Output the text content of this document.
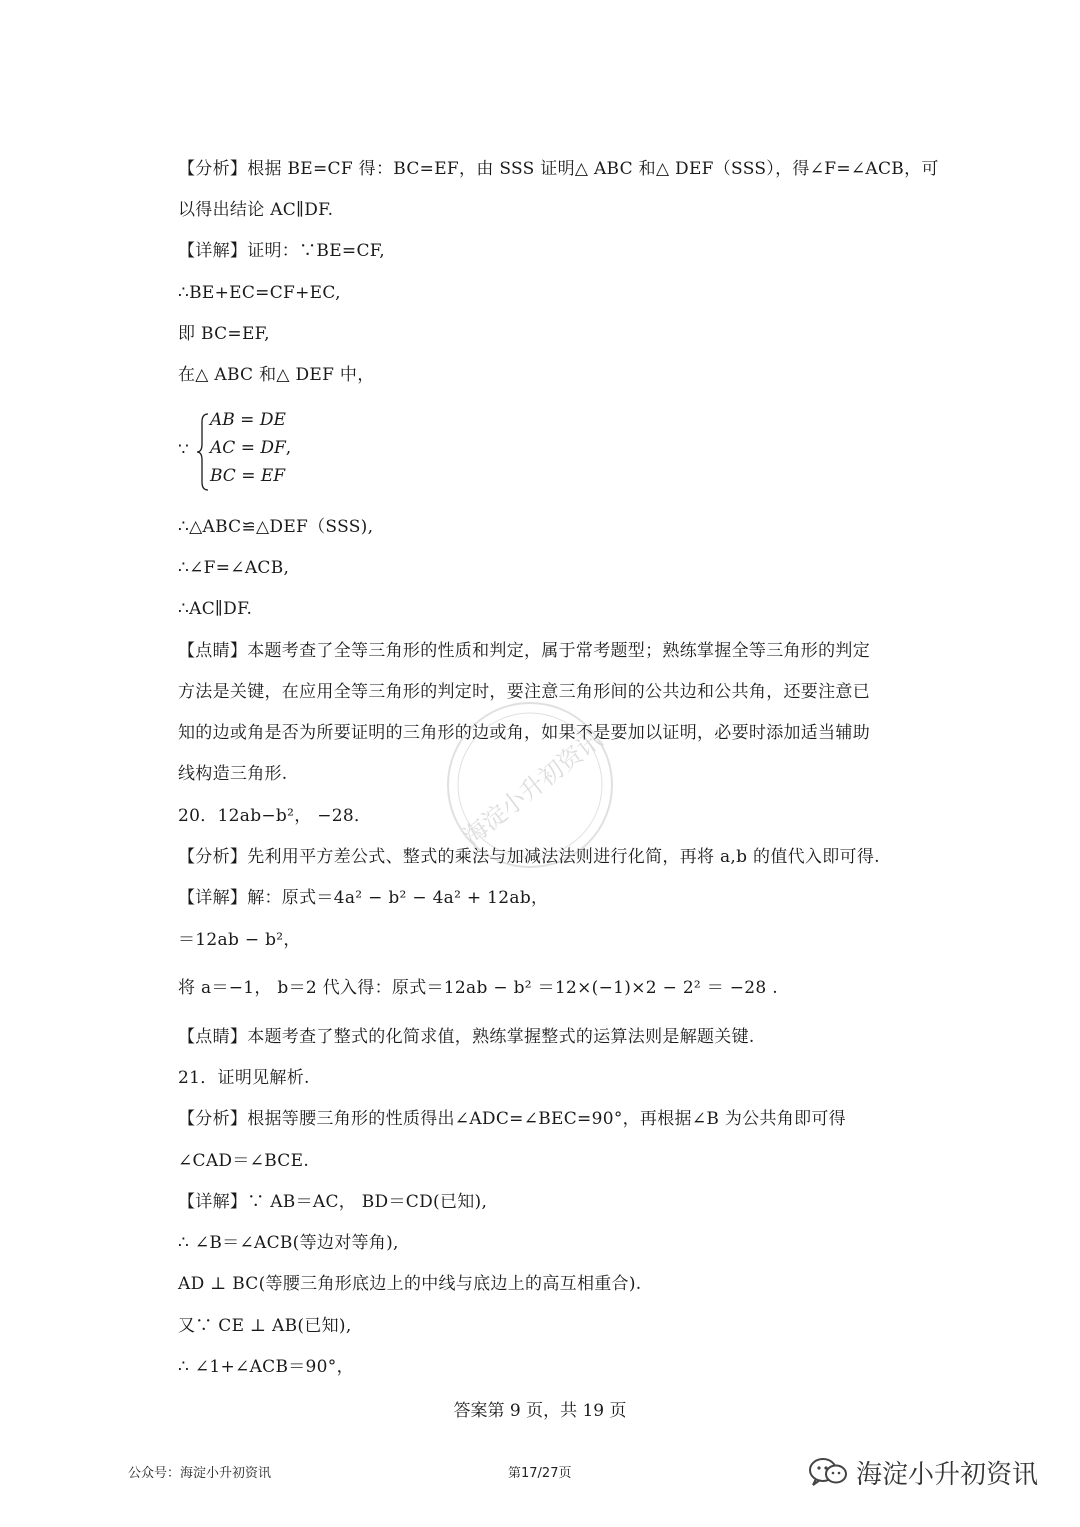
【分析】根据 BE=CF 得：BC=EF，由 SSS 证明△ ABC 和△ DEF（SSS），得∠F=∠ACB，可
以得出结论 AC∥DF.
【详解】证明：∵BE=CF,
∴BE+EC=CF+EC,
即 BC=EF,
在△ ABC 和△ DEF 中，
∵
AB = DE
AC = DF,
BC = EF
∴△ABC≌△DEF（SSS),
∴∠F=∠ACB,
∴AC∥DF.
【点睛】本题考查了全等三角形的性质和判定，属于常考题型；熟练掌握全等三角形的判定
方法是关键，在应用全等三角形的判定时，要注意三角形间的公共边和公共角，还要注意已
知的边或角是否为所要证明的三角形的边或角，如果不是要加以证明，必要时添加适当辅助
线构造三角形.
20．12ab−b²， −28．
【分析】先利用平方差公式、整式的乘法与加减法法则进行化简，再将 a,b 的值代入即可得.
【详解】解：原式＝4a² − b² − 4a² + 12ab，
＝12ab − b²，
将 a＝−1， b＝2 代入得：原式＝12ab − b² ＝12×(−1)×2 − 2² ＝ −28 .
【点睛】本题考查了整式的化简求值，熟练掌握整式的运算法则是解题关键.
21．证明见解析.
【分析】根据等腰三角形的性质得出∠ADC=∠BEC=90°，再根据∠B 为公共角即可得
∠CAD＝∠BCE.
【详解】∵ AB＝AC， BD＝CD(已知),
∴ ∠B＝∠ACB(等边对等角),
AD ⊥ BC(等腰三角形底边上的中线与底边上的高互相重合).
又∵ CE ⊥ AB(已知),
∴ ∠1+∠ACB＝90°，
海淀小升初资讯
答案第 9 页，共 19 页
公众号：海淀小升初资讯	第17/27页	海淀小升初资讯
